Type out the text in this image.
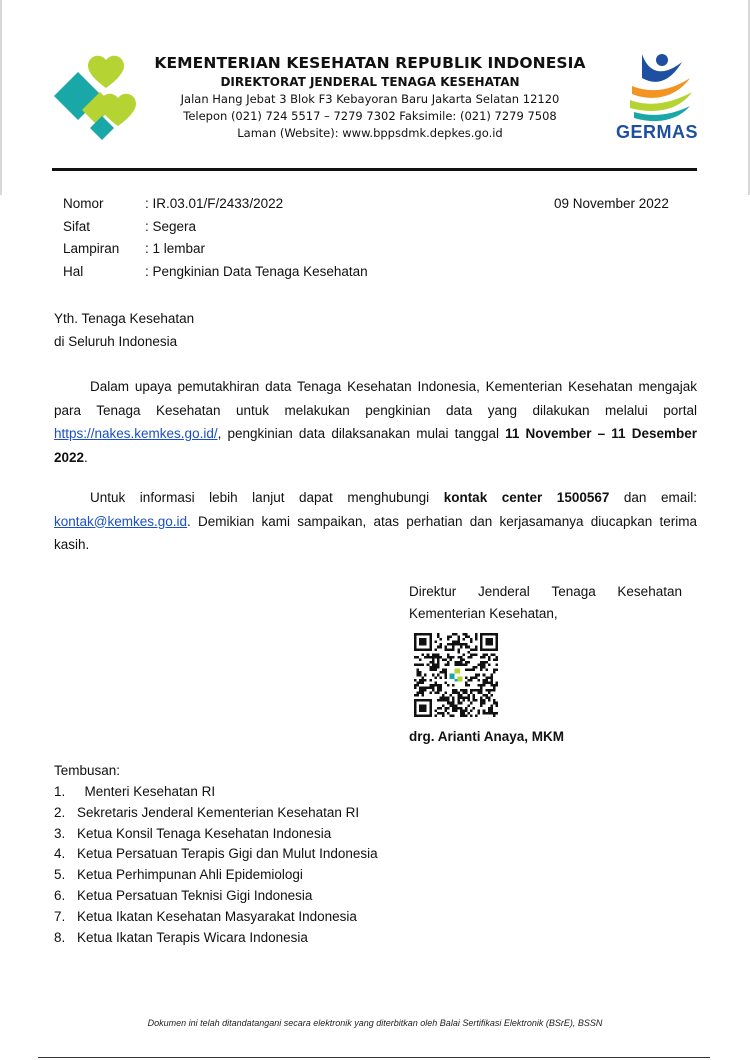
KEMENTERIAN KESEHATAN REPUBLIK INDONESIA
DIREKTORAT JENDERAL TENAGA KESEHATAN
Jalan Hang Jebat 3 Blok F3 Kebayoran Baru Jakarta Selatan 12120
Telepon (021) 724 5517 – 7279 7302 Faksimile: (021) 7279 7508
Laman (Website): www.bppsdmk.depkes.go.id	GERMAS
Nomor	: IR.03.01/F/2433/2022
Sifat	: Segera
Lampiran	: 1 lembar
Hal	: Pengkinian Data Tenaga Kesehatan
09 November 2022
Yth. Tenaga Kesehatan
di Seluruh Indonesia
Dalam upaya pemutakhiran data Tenaga Kesehatan Indonesia, Kementerian Kesehatan mengajak para Tenaga Kesehatan untuk melakukan pengkinian data yang dilakukan melalui portal https://nakes.kemkes.go.id/, pengkinian data dilaksanakan mulai tanggal 11 November – 11 Desember 2022.
Untuk informasi lebih lanjut dapat menghubungi kontak center 1500567 dan email: kontak@kemkes.go.id. Demikian kami sampaikan, atas perhatian dan kerjasamanya diucapkan terima kasih.
Direktur Jenderal Tenaga Kesehatan
Kementerian Kesehatan,
drg. Arianti Anaya, MKM
Tembusan:
1. Menteri Kesehatan RI
2. Sekretaris Jenderal Kementerian Kesehatan RI
3. Ketua Konsil Tenaga Kesehatan Indonesia
4. Ketua Persatuan Terapis Gigi dan Mulut Indonesia
5. Ketua Perhimpunan Ahli Epidemiologi
6. Ketua Persatuan Teknisi Gigi Indonesia
7. Ketua Ikatan Kesehatan Masyarakat Indonesia
8. Ketua Ikatan Terapis Wicara Indonesia
Dokumen ini telah ditandatangani secara elektronik yang diterbitkan oleh Balai Sertifikasi Elektronik (BSrE), BSSN
